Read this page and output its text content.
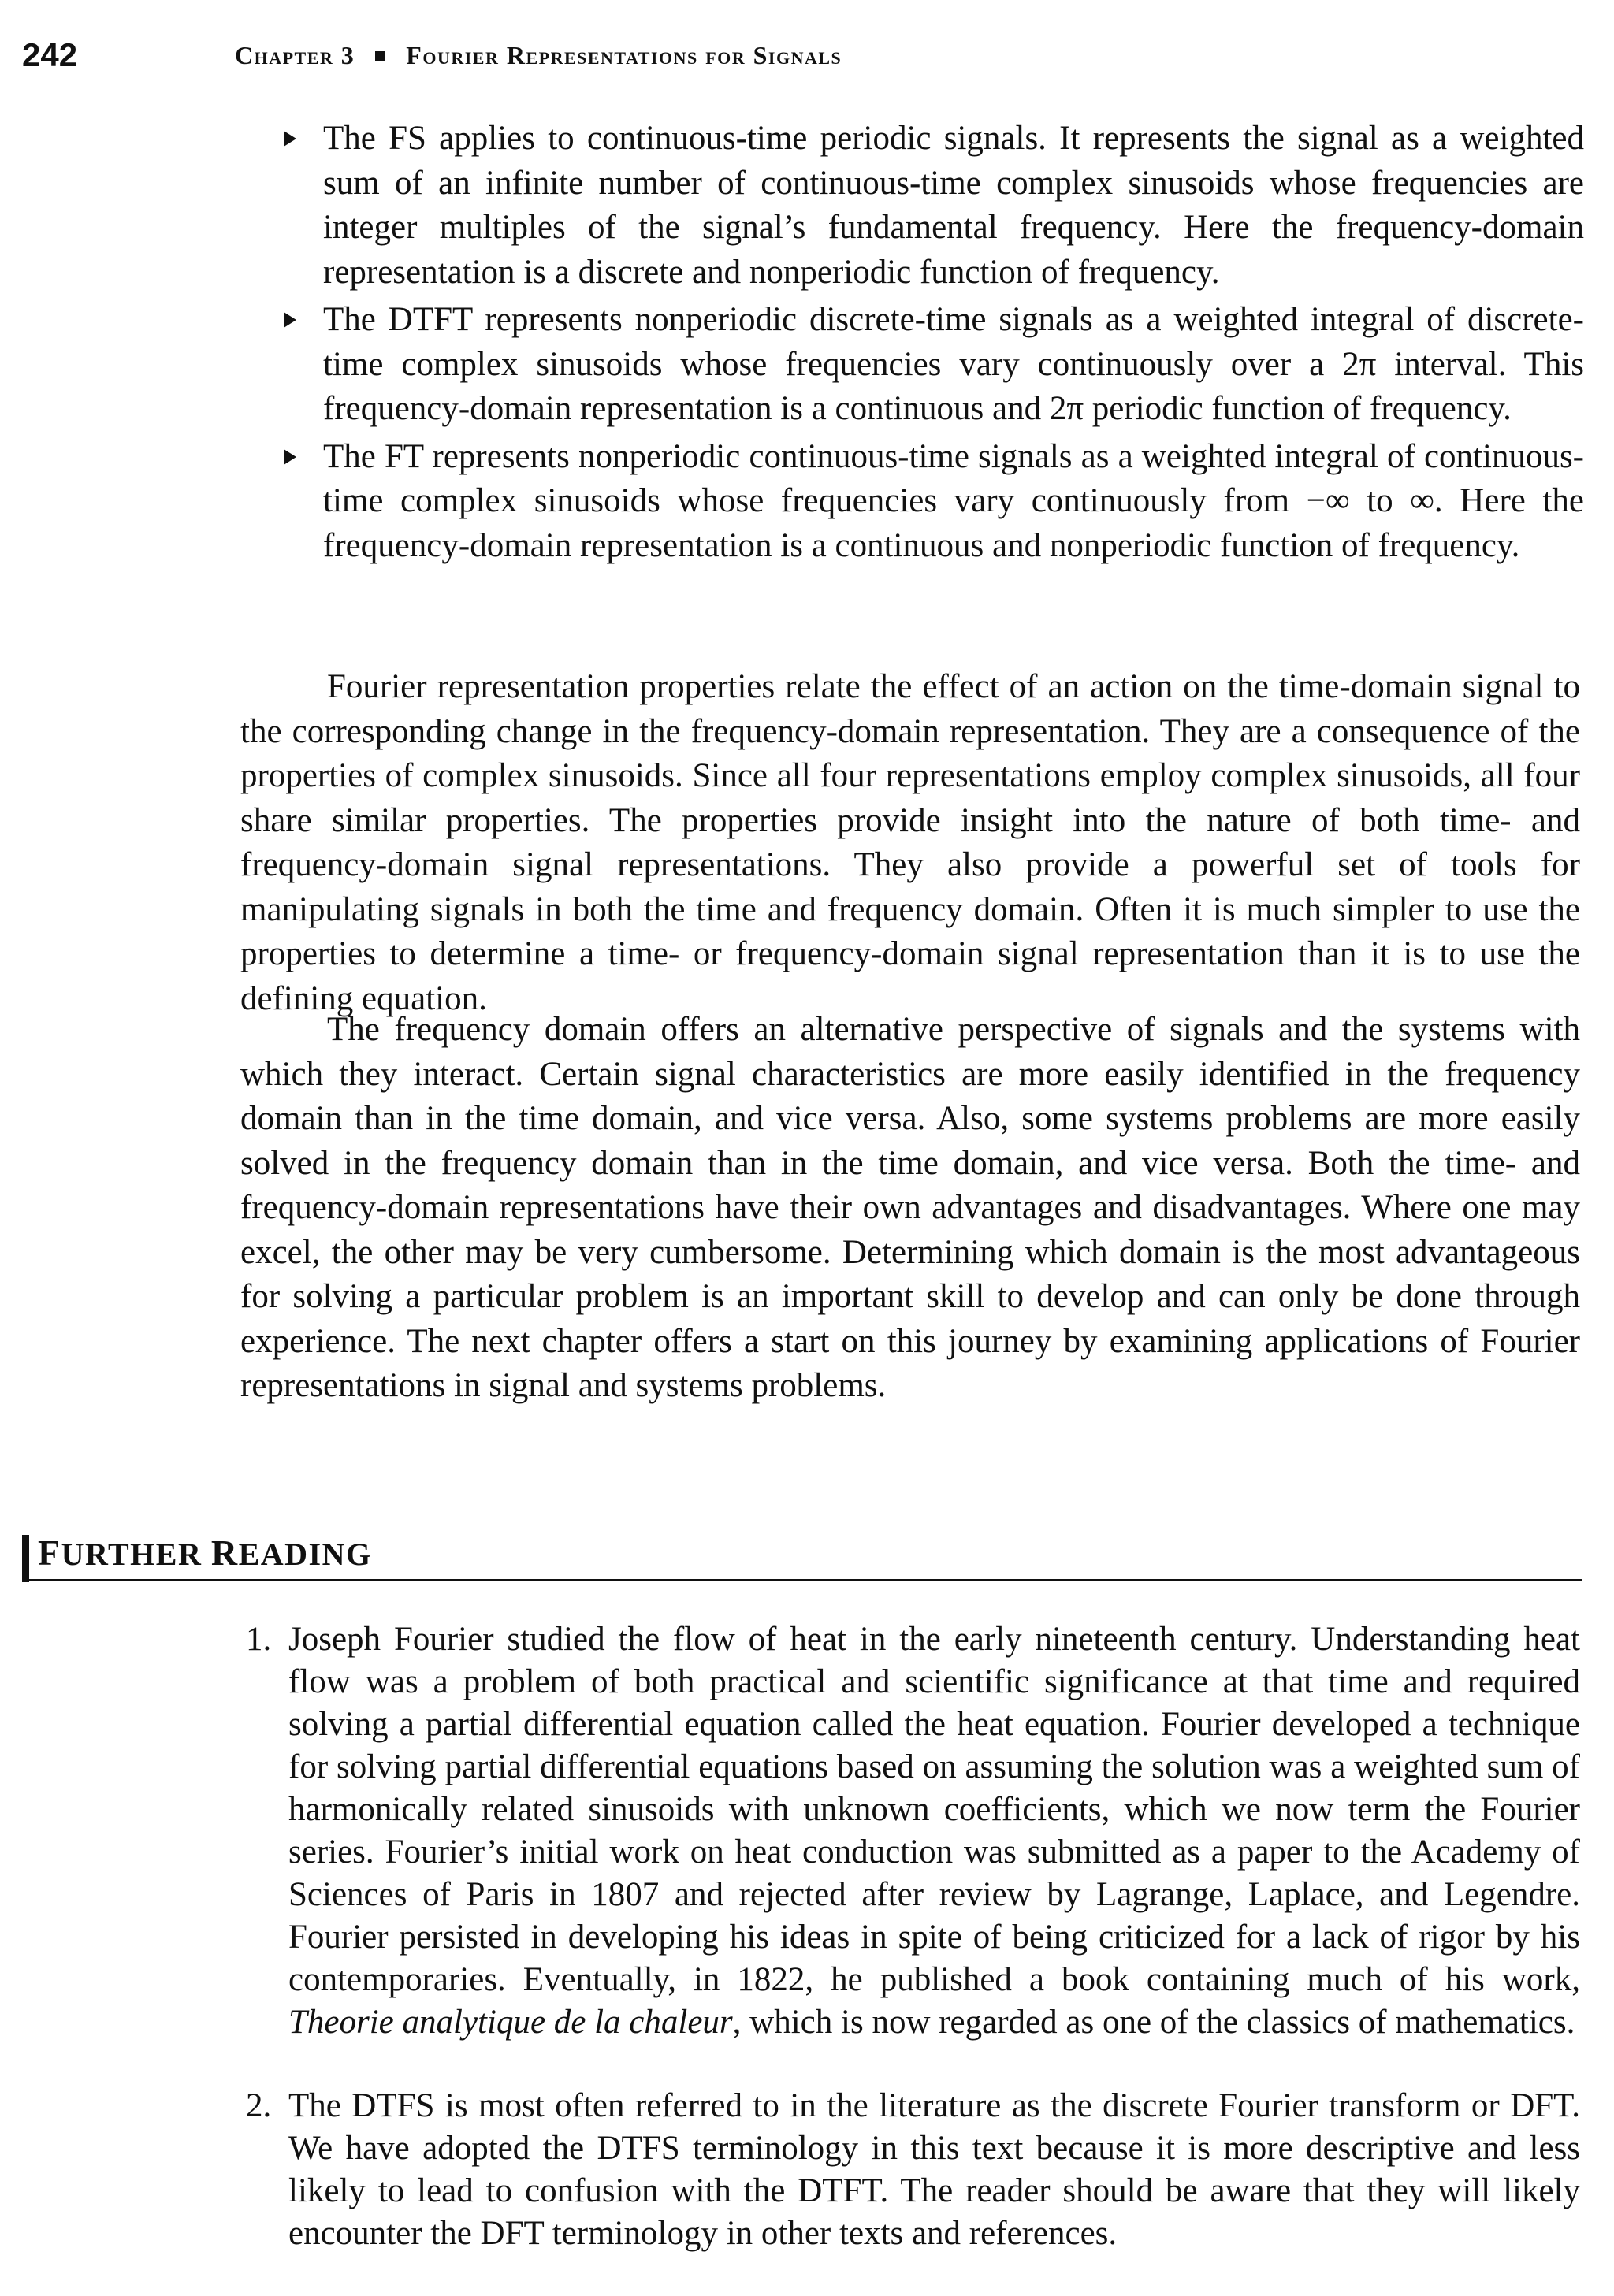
242	Chapter 3 Fourier Representations for Signals
The FS applies to continuous-time periodic signals. It represents the signal as a weighted sum of an infinite number of continuous-time complex sinusoids whose frequencies are integer multiples of the signal’s fundamental frequency. Here the frequency-domain representation is a discrete and nonperiodic function of frequency.
The DTFT represents nonperiodic discrete-time signals as a weighted integral of discrete-time complex sinusoids whose frequencies vary continuously over a 2π interval. This frequency-domain representation is a continuous and 2π periodic function of frequency.
The FT represents nonperiodic continuous-time signals as a weighted integral of continuous-time complex sinusoids whose frequencies vary continuously from −∞ to ∞. Here the frequency-domain representation is a continuous and nonperiodic function of frequency.

Fourier representation properties relate the effect of an action on the time-domain signal to the corresponding change in the frequency-domain representation. They are a consequence of the properties of complex sinusoids. Since all four representations employ complex sinusoids, all four share similar properties. The properties provide insight into the nature of both time- and frequency-domain signal representations. They also provide a powerful set of tools for manipulating signals in both the time and frequency domain. Often it is much simpler to use the properties to determine a time- or frequency-domain signal representation than it is to use the defining equation.

The frequency domain offers an alternative perspective of signals and the systems with which they interact. Certain signal characteristics are more easily identified in the frequency domain than in the time domain, and vice versa. Also, some systems problems are more easily solved in the frequency domain than in the time domain, and vice versa. Both the time- and frequency-domain representations have their own advantages and disadvantages. Where one may excel, the other may be very cumbersome. Determining which domain is the most advantageous for solving a particular problem is an important skill to develop and can only be done through experience. The next chapter offers a start on this journey by examining applications of Fourier representations in signal and systems problems.

FURTHER READING
1. Joseph Fourier studied the flow of heat in the early nineteenth century. Understanding heat flow was a problem of both practical and scientific significance at that time and required solving a partial differential equation called the heat equation. Fourier developed a technique for solving partial differential equations based on assuming the solution was a weighted sum of harmonically related sinusoids with unknown coefficients, which we now term the Fourier series. Fourier’s initial work on heat conduction was submitted as a paper to the Academy of Sciences of Paris in 1807 and rejected after review by Lagrange, Laplace, and Legendre. Fourier persisted in developing his ideas in spite of being criticized for a lack of rigor by his contemporaries. Eventually, in 1822, he published a book containing much of his work, Theorie analytique de la chaleur, which is now regarded as one of the classics of mathematics.
2. The DTFS is most often referred to in the literature as the discrete Fourier transform or DFT. We have adopted the DTFS terminology in this text because it is more descriptive and less likely to lead to confusion with the DTFT. The reader should be aware that they will likely encounter the DFT terminology in other texts and references.
